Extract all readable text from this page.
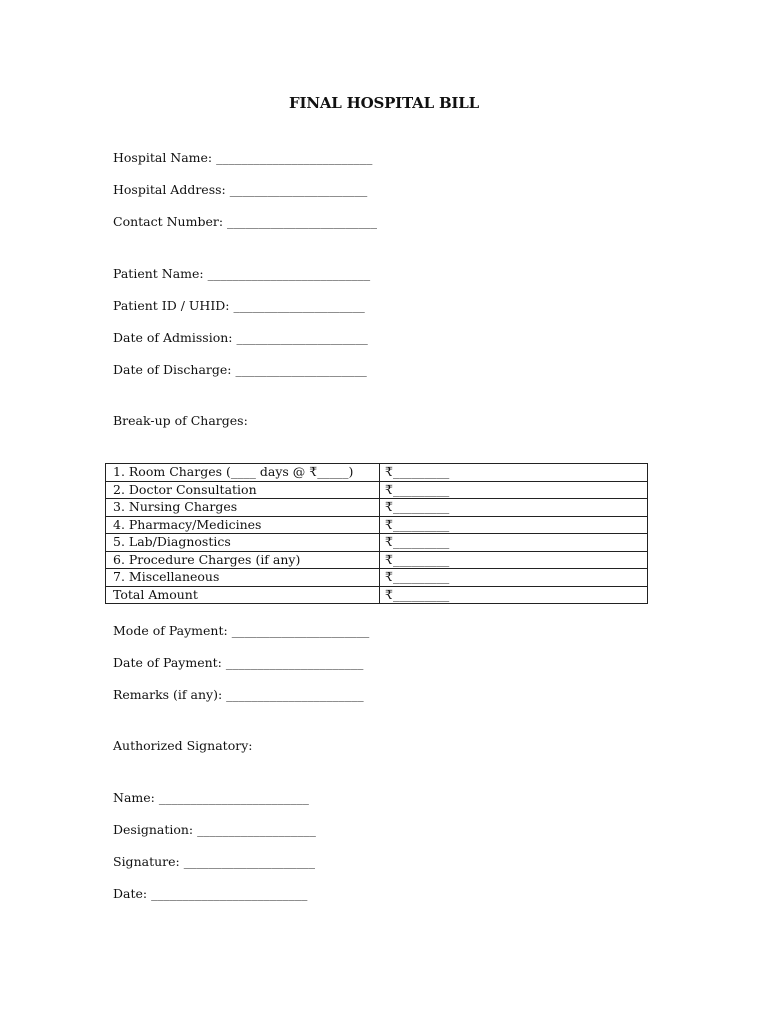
FINAL HOSPITAL BILL
Hospital Name: _________________________
Hospital Address: ______________________
Contact Number: ________________________
Patient Name: __________________________
Patient ID / UHID: _____________________
Date of Admission: _____________________
Date of Discharge: _____________________
Break-up of Charges:
1. Room Charges (____ days @ ₹_____)	₹_________
2. Doctor Consultation	₹_________
3. Nursing Charges	₹_________
4. Pharmacy/Medicines	₹_________
5. Lab/Diagnostics	₹_________
6. Procedure Charges (if any)	₹_________
7. Miscellaneous	₹_________
Total Amount	₹_________
Mode of Payment: ______________________
Date of Payment: ______________________
Remarks (if any): ______________________
Authorized Signatory:
Name: ________________________
Designation: ___________________
Signature: _____________________
Date: _________________________
